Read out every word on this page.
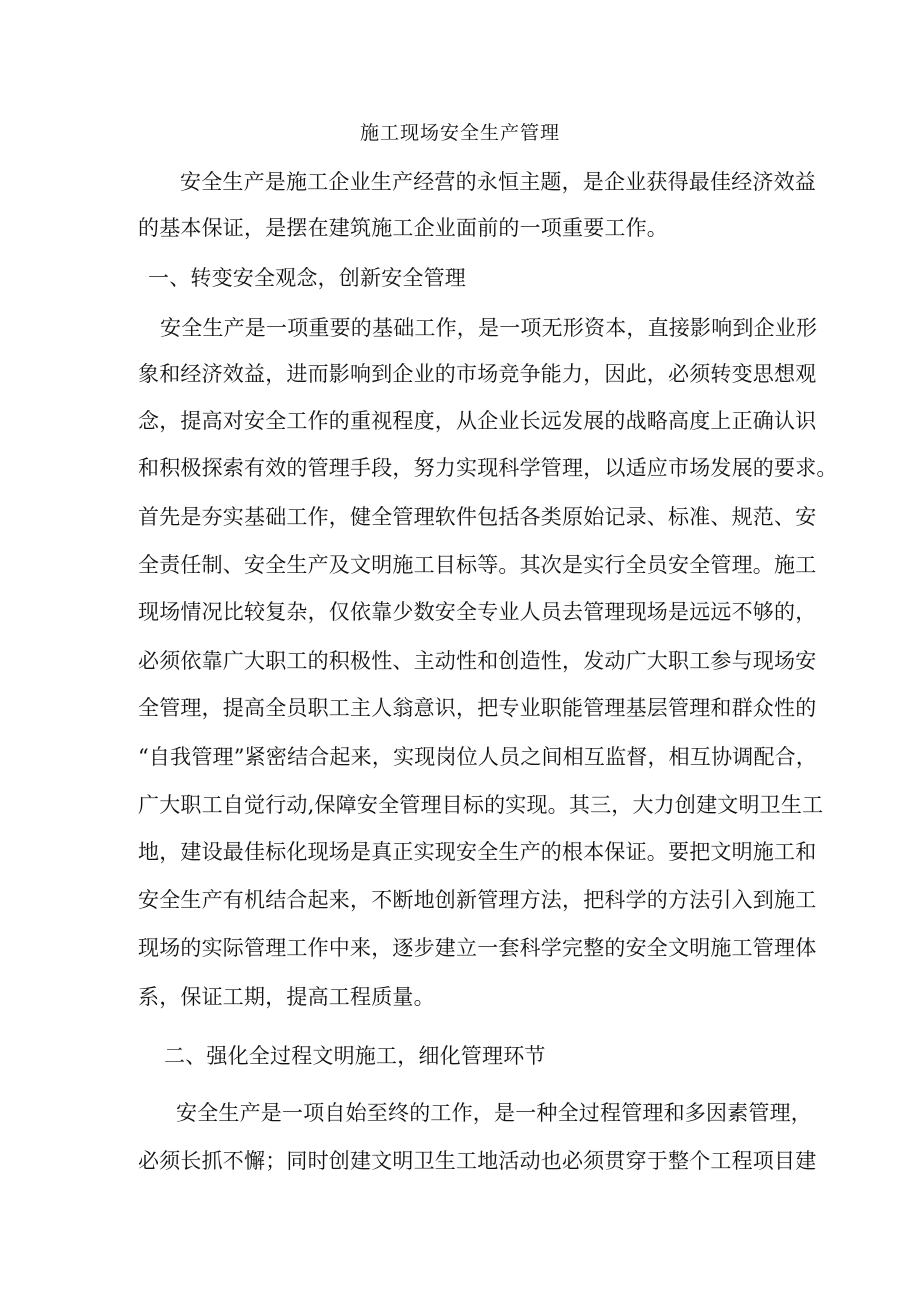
施工现场安全生产管理
安全生产是施工企业生产经营的永恒主题，是企业获得最佳经济效益
的基本保证，是摆在建筑施工企业面前的一项重要工作。
一、转变安全观念，创新安全管理
安全生产是一项重要的基础工作，是一项无形资本，直接影响到企业形
象和经济效益，进而影响到企业的市场竞争能力，因此，必须转变思想观
念，提高对安全工作的重视程度，从企业长远发展的战略高度上正确认识
和积极探索有效的管理手段，努力实现科学管理，以适应市场发展的要求。
首先是夯实基础工作，健全管理软件包括各类原始记录、标准、规范、安
全责任制、安全生产及文明施工目标等。其次是实行全员安全管理。施工
现场情况比较复杂，仅依靠少数安全专业人员去管理现场是远远不够的，
必须依靠广大职工的积极性、主动性和创造性，发动广大职工参与现场安
全管理，提高全员职工主人翁意识，把专业职能管理基层管理和群众性的
“自我管理”紧密结合起来，实现岗位人员之间相互监督，相互协调配合，
广大职工自觉行动,保障安全管理目标的实现。其三，大力创建文明卫生工
地，建设最佳标化现场是真正实现安全生产的根本保证。要把文明施工和
安全生产有机结合起来，不断地创新管理方法，把科学的方法引入到施工
现场的实际管理工作中来，逐步建立一套科学完整的安全文明施工管理体
系，保证工期，提高工程质量。
二、强化全过程文明施工，细化管理环节
安全生产是一项自始至终的工作，是一种全过程管理和多因素管理，
必须长抓不懈；同时创建文明卫生工地活动也必须贯穿于整个工程项目建
